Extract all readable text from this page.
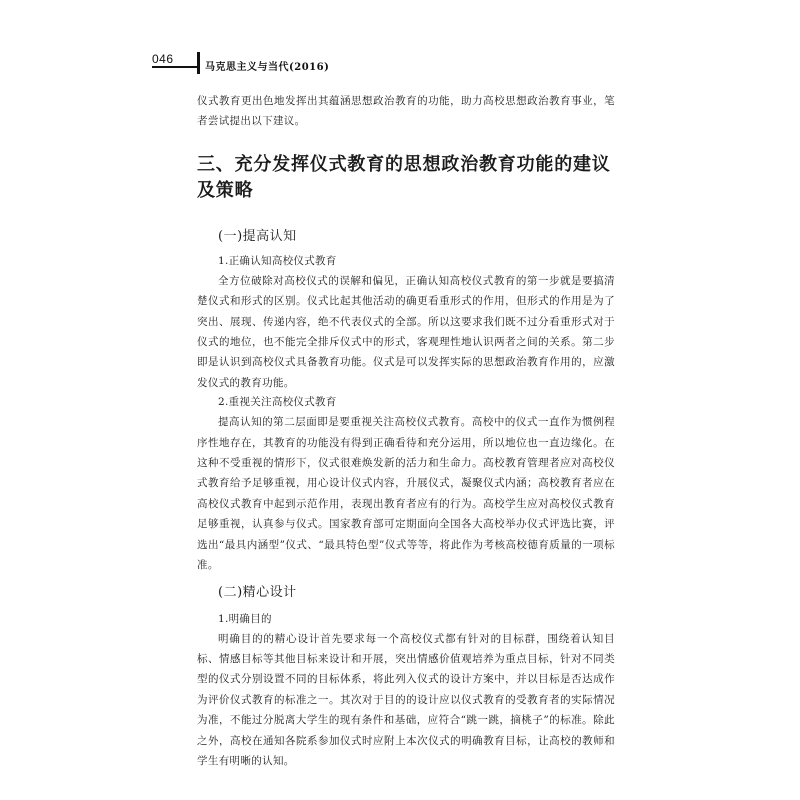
046
马克思主义与当代(2016)

仪式教育更出色地发挥出其蕴涵思想政治教育的功能，助力高校思想政治教育事业，笔者尝试提出以下建议。

三、充分发挥仪式教育的思想政治教育功能的建议及策略
(一)提高认知
1.正确认知高校仪式教育

全方位破除对高校仪式的误解和偏见，正确认知高校仪式教育的第一步就是要搞清楚仪式和形式的区别。仪式比起其他活动的确更看重形式的作用，但形式的作用是为了突出、展现、传递内容，绝不代表仪式的全部。所以这要求我们既不过分看重形式对于仪式的地位，也不能完全排斥仪式中的形式，客观理性地认识两者之间的关系。第二步即是认识到高校仪式具备教育功能。仪式是可以发挥实际的思想政治教育作用的，应激发仪式的教育功能。

2.重视关注高校仪式教育

提高认知的第二层面即是要重视关注高校仪式教育。高校中的仪式一直作为惯例程序性地存在，其教育的功能没有得到正确看待和充分运用，所以地位也一直边缘化。在这种不受重视的情形下，仪式很难焕发新的活力和生命力。高校教育管理者应对高校仪式教育给予足够重视，用心设计仪式内容，升展仪式，凝聚仪式内涵；高校教育者应在高校仪式教育中起到示范作用，表现出教育者应有的行为。高校学生应对高校仪式教育足够重视，认真参与仪式。国家教育部可定期面向全国各大高校举办仪式评选比赛，评选出“最具内涵型”仪式、“最具特色型”仪式等等，将此作为考核高校德育质量的一项标准。

(二)精心设计
1.明确目的

明确目的的精心设计首先要求每一个高校仪式都有针对的目标群，围绕着认知目标、情感目标等其他目标来设计和开展，突出情感价值观培养为重点目标，针对不同类型的仪式分别设置不同的目标体系，将此列入仪式的设计方案中，并以目标是否达成作为评价仪式教育的标准之一。其次对于目的的设计应以仪式教育的受教育者的实际情况为准，不能过分脱离大学生的现有条件和基础，应符合“跳一跳，摘桃子”的标准。除此之外，高校在通知各院系参加仪式时应附上本次仪式的明确教育目标，让高校的教师和学生有明晰的认知。
